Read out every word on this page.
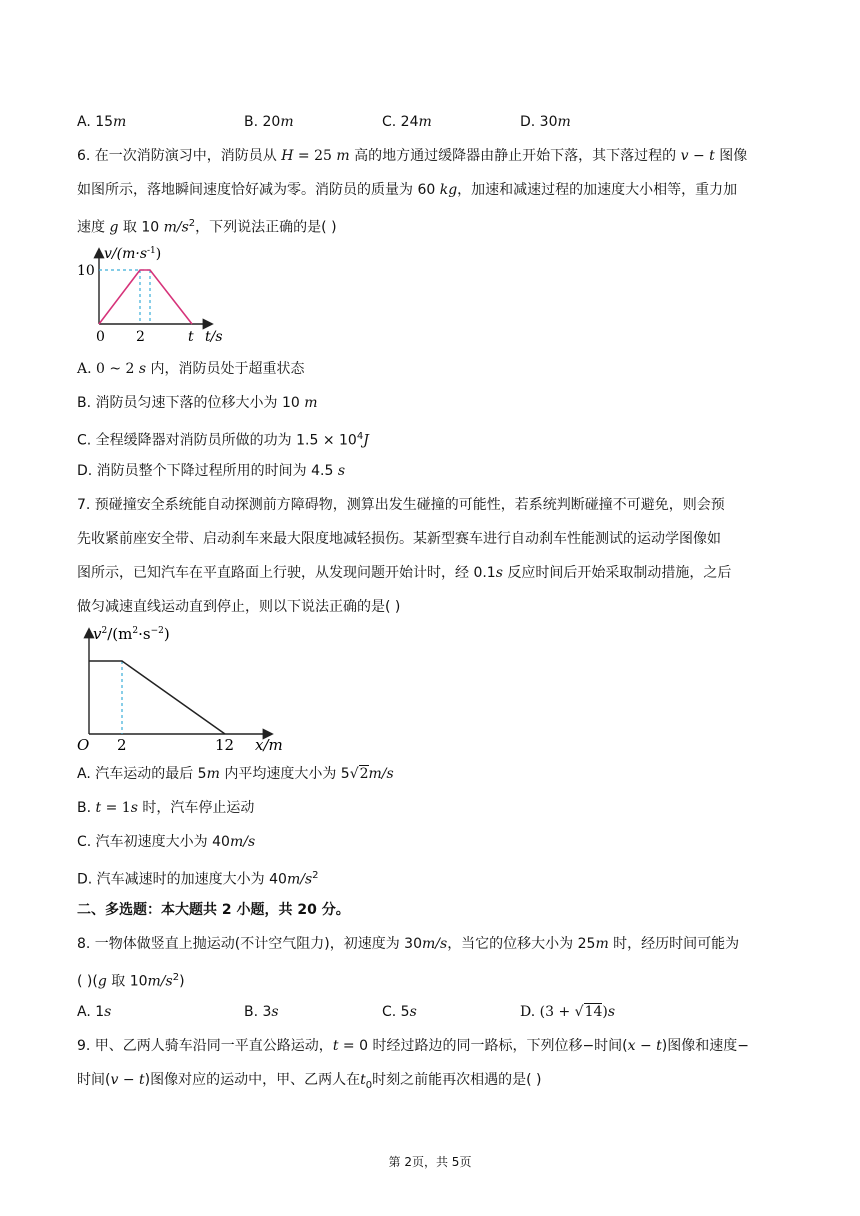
A. 15m	B. 20m	C. 24m	D. 30m
6. 在一次消防演习中，消防员从 H = 25 m 高的地方通过缓降器由静止开始下落，其下落过程的 v − t 图像
如图所示，落地瞬间速度恰好减为零。消防员的质量为 60 kg，加速和减速过程的加速度大小相等，重力加
速度 g 取 10 $m/s^2$，下列说法正确的是( )
$v/(m\cdot s^{-1})$
10
0 2	t t/s
A. 0 ~ 2 s 内，消防员处于超重状态
B. 消防员匀速下落的位移大小为 10 m
C. 全程缓降器对消防员所做的功为 $1.5 \times 10^4J$
D. 消防员整个下降过程所用的时间为 4.5 s
7. 预碰撞安全系统能自动探测前方障碍物，测算出发生碰撞的可能性，若系统判断碰撞不可避免，则会预
先收紧前座安全带、启动刹车来最大限度地减轻损伤。某新型赛车进行自动刹车性能测试的运动学图像如
图所示，已知汽车在平直路面上行驶，从发现问题开始计时，经 0.1s 反应时间后开始采取制动措施，之后
做匀减速直线运动直到停止，则以下说法正确的是( )
$v^2/(m^2\cdot s^{-2})$
O 2	12 x/m
A. 汽车运动的最后 5m 内平均速度大小为 5√2m/s
B. t = 1s 时，汽车停止运动
C. 汽车初速度大小为 40m/s
D. 汽车减速时的加速度大小为 $40m/s^2$
二、多选题：本大题共 2 小题，共 20 分。
8. 一物体做竖直上抛运动(不计空气阻力)，初速度为 30m/s，当它的位移大小为 25m 时，经历时间可能为
( )(g 取 $10m/s^2$)
A. 1s	B. 3s	C. 5s	D. (3 + √14)s
9. 甲、乙两人骑车沿同一平直公路运动，t = 0 时经过路边的同一路标，下列位移−时间(x − t)图像和速度−
时间(v − t)图像对应的运动中，甲、乙两人在$t_0$时刻之前能再次相遇的是( )
第 2页，共 5页
